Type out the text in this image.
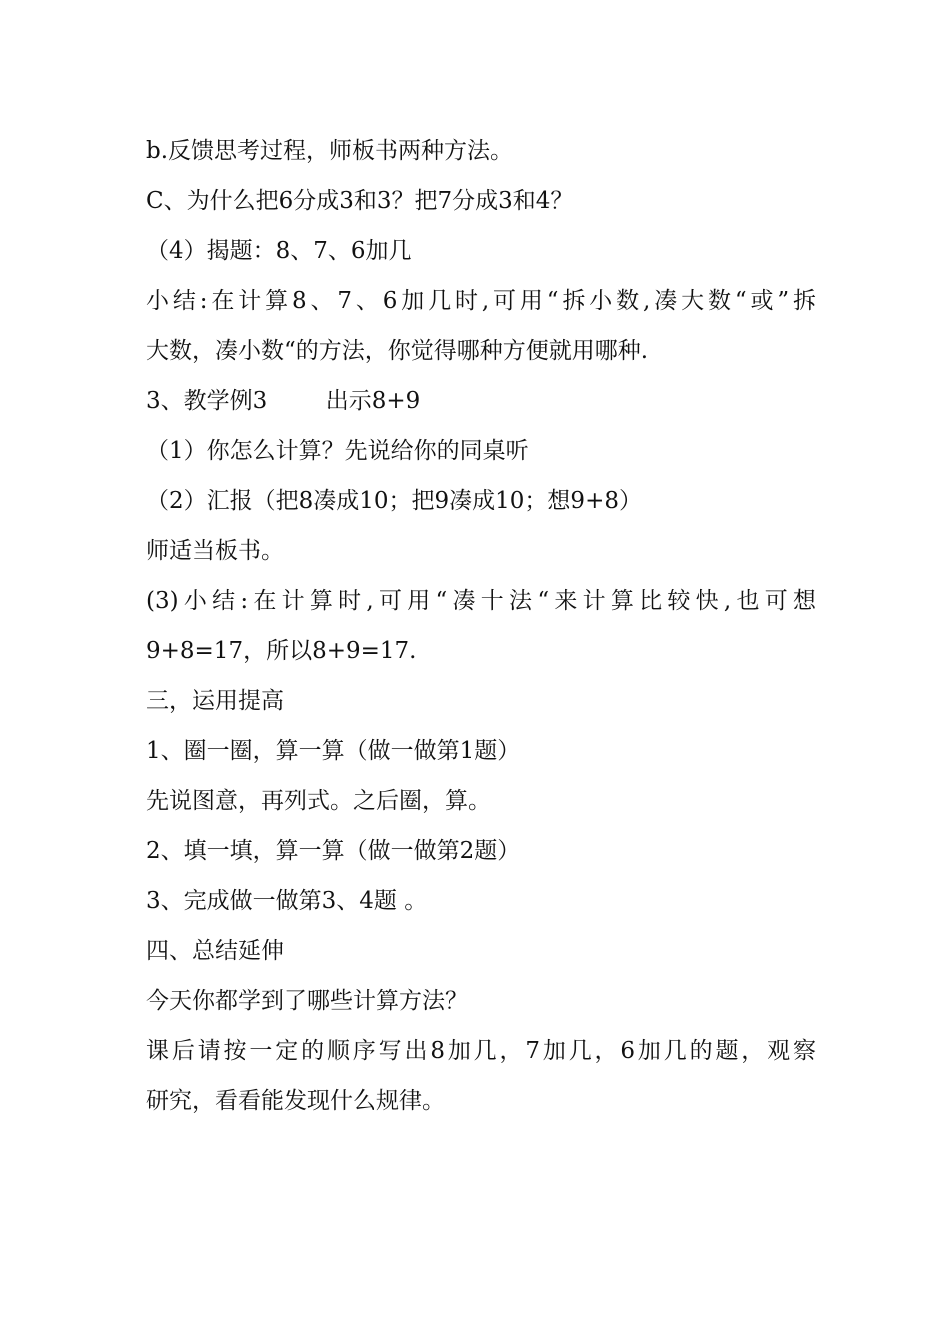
b.反馈思考过程，师板书两种方法。

C、为什么把6分成3和3？把7分成3和4？

（4）揭题：8、7、6加几

小结:在计算8、7、6加几时,可用“拆小数,凑大数“或”拆

大数，凑小数“的方法，你觉得哪种方便就用哪种.

3、教学例3        出示8+9

（1）你怎么计算？先说给你的同桌听

（2）汇报（把8凑成10；把9凑成10；想9+8）

师适当板书。

(3)小结:在计算时,可用“凑十法“来计算比较快,也可想

9+8=17，所以8+9=17.

三，运用提高

1、圈一圈，算一算（做一做第1题）

先说图意，再列式。之后圈，算。

2、填一填，算一算（做一做第2题）

3、完成做一做第3、4题 。

四、总结延伸

今天你都学到了哪些计算方法？

课后请按一定的顺序写出8加几，7加几，6加几的题，观察

研究，看看能发现什么规律。
